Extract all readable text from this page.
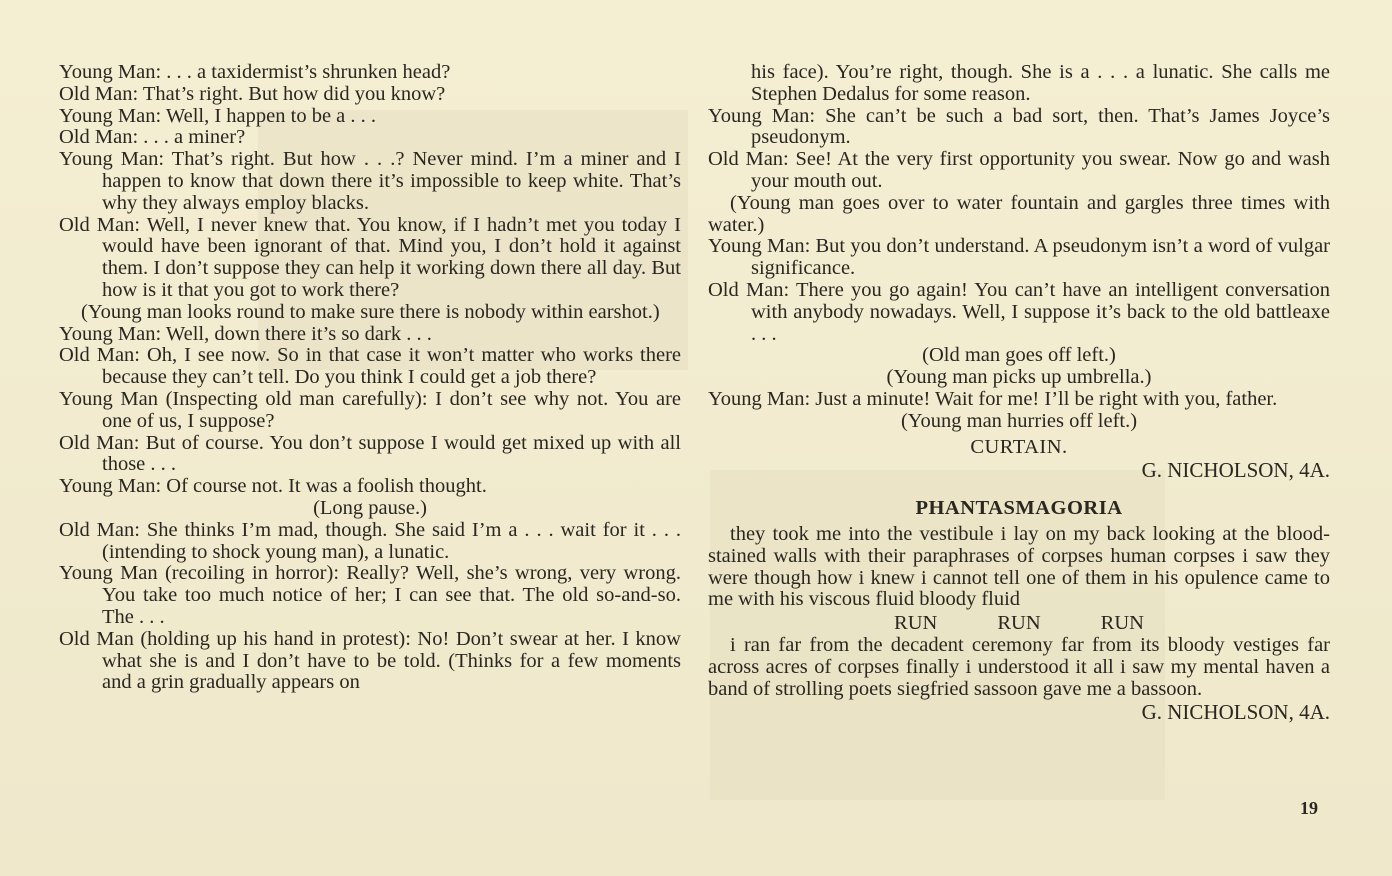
Young Man: . . . a taxidermist’s shrunken head?

Old Man: That’s right. But how did you know?

Young Man: Well, I happen to be a . . .

Old Man: . . . a miner?

Young Man: That’s right. But how . . .? Never mind. I’m a miner and I happen to know that down there it’s impossible to keep white. That’s why they always employ blacks.

Old Man: Well, I never knew that. You know, if I hadn’t met you today I would have been ignorant of that. Mind you, I don’t hold it against them. I don’t suppose they can help it working down there all day. But how is it that you got to work there?

(Young man looks round to make sure there is nobody within earshot.)

Young Man: Well, down there it’s so dark . . .

Old Man: Oh, I see now. So in that case it won’t matter who works there because they can’t tell. Do you think I could get a job there?

Young Man (Inspecting old man carefully): I don’t see why not. You are one of us, I suppose?

Old Man: But of course. You don’t suppose I would get mixed up with all those . . .

Young Man: Of course not. It was a foolish thought.

(Long pause.)

Old Man: She thinks I’m mad, though. She said I’m a . . . wait for it . . . (intending to shock young man), a lunatic.

Young Man (recoiling in horror): Really? Well, she’s wrong, very wrong. You take too much notice of her; I can see that. The old so-and-so. The . . .

Old Man (holding up his hand in protest): No! Don’t swear at her. I know what she is and I don’t have to be told. (Thinks for a few moments and a grin gradually appears on

his face). You’re right, though. She is a . . . a lunatic. She calls me Stephen Dedalus for some reason.

Young Man: She can’t be such a bad sort, then. That’s James Joyce’s pseudonym.

Old Man: See! At the very first opportunity you swear. Now go and wash your mouth out.

(Young man goes over to water fountain and gargles three times with water.)

Young Man: But you don’t understand. A pseudonym isn’t a word of vulgar significance.

Old Man: There you go again! You can’t have an intelligent conversation with anybody nowadays. Well, I suppose it’s back to the old battleaxe . . .

(Old man goes off left.)

(Young man picks up umbrella.)

Young Man: Just a minute! Wait for me! I’ll be right with you, father.

(Young man hurries off left.)

CURTAIN.

G. NICHOLSON, 4A.

PHANTASMAGORIA

they took me into the vestibule i lay on my back looking at the blood-stained walls with their paraphrases of corpses human corpses i saw they were though how i knew i cannot tell one of them in his opulence came to me with his viscous fluid bloody fluid

RUN	RUN	RUN

i ran far from the decadent ceremony far from its bloody vestiges far across acres of corpses finally i understood it all i saw my mental haven a band of strolling poets siegfried sassoon gave me a bassoon.

G. NICHOLSON, 4A.

19
